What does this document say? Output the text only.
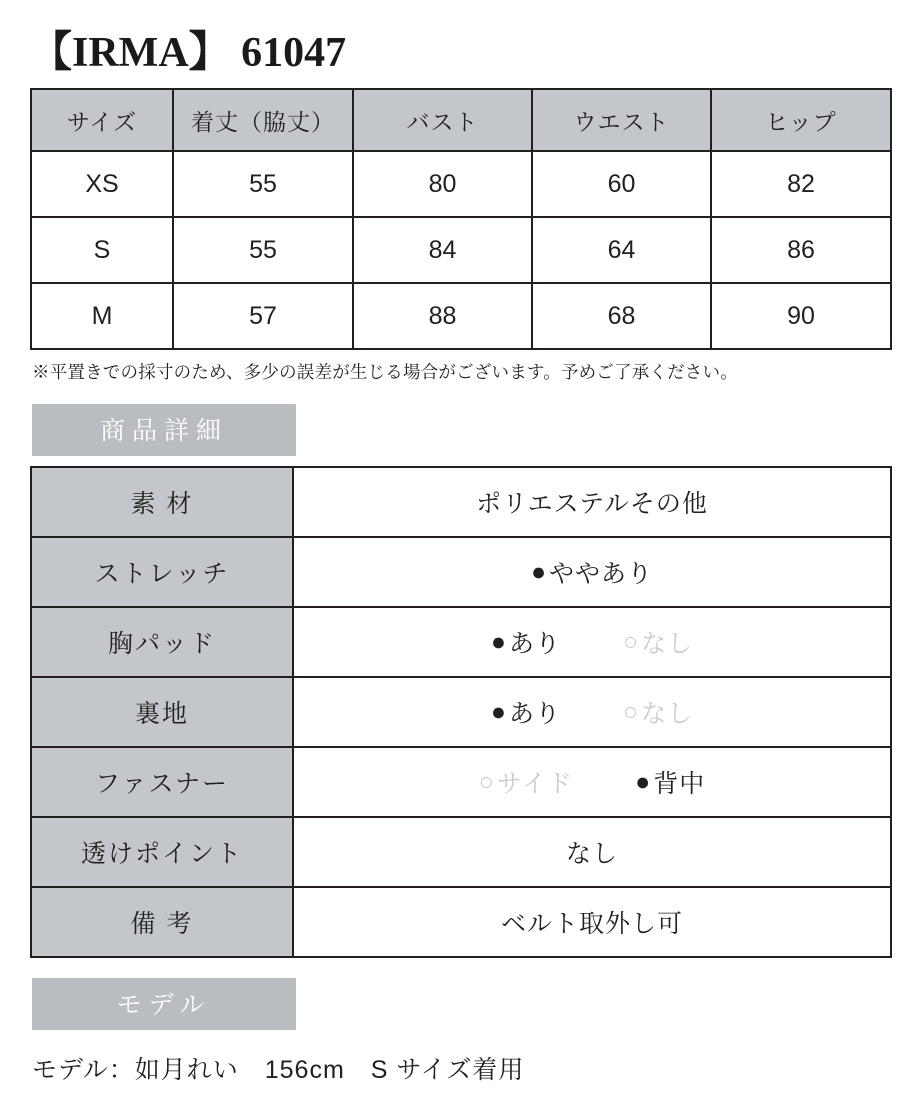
【IRMA】 61047
サイズ	着丈（脇丈）	バスト	ウエスト	ヒップ
XS	55	80	60	82
S	55	84	64	86
M	57	88	68	90

※平置きでの採寸のため、多少の誤差が生じる場合がございます。予めご了承ください。

商品詳細
素 材	ポリエステルその他
ストレッチ	● ややあり

胸パッド	● あり ○ なし

裏地	● あり ○ なし

ファスナー	○ サイド ● 背中

透けポイント	なし
備 考	ベルト取外し可
モデル

モデル：如月れい　156cm　S サイズ着用
